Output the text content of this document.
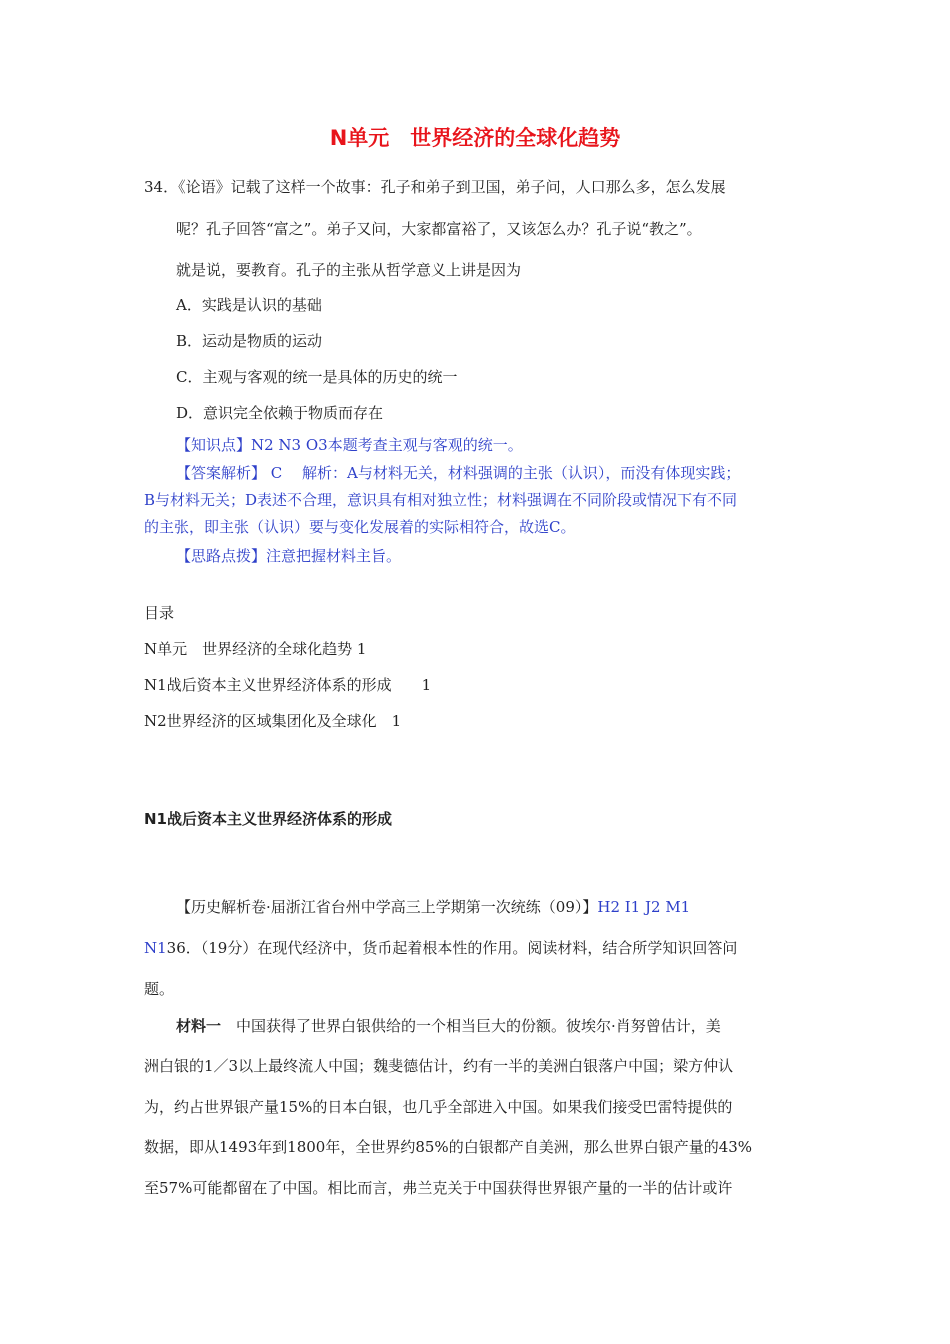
N单元　世界经济的全球化趋势
34．《论语》记载了这样一个故事：孔子和弟子到卫国，弟子问，人口那么多，怎么发展
呢？孔子回答“富之”。弟子又问，大家都富裕了，又该怎么办？孔子说“教之”。
就是说，要教育。孔子的主张从哲学意义上讲是因为
A．实践是认识的基础
B．运动是物质的运动
C．主观与客观的统一是具体的历史的统一
D．意识完全依赖于物质而存在
【知识点】N2 N3 O3本题考查主观与客观的统一。
【答案解析】 C　 解析：A与材料无关，材料强调的主张（认识），而没有体现实践；
B与材料无关；D表述不合理，意识具有相对独立性；材料强调在不同阶段或情况下有不同
的主张，即主张（认识）要与变化发展着的实际相符合，故选C。
【思路点拨】注意把握材料主旨。
目录
N单元　世界经济的全球化趋势 1
N1战后资本主义世界经济体系的形成　　1
N2世界经济的区域集团化及全球化　1
N1战后资本主义世界经济体系的形成
【历史解析卷·届浙江省台州中学高三上学期第一次统练（09）】H2 I1 J2 M1
N136．（19分）在现代经济中，货币起着根本性的作用。阅读材料，结合所学知识回答问
题。
材料一　中国获得了世界白银供给的一个相当巨大的份额。彼埃尔·肖努曾估计，美
洲白银的1／3以上最终流人中国；魏斐德估计，约有一半的美洲白银落户中国；梁方仲认
为，约占世界银产量15%的日本白银，也几乎全部进入中国。如果我们接受巴雷特提供的
数据，即从1493年到1800年，全世界约85%的白银都产自美洲，那么世界白银产量的43%
至57%可能都留在了中国。相比而言，弗兰克关于中国获得世界银产量的一半的估计或许
